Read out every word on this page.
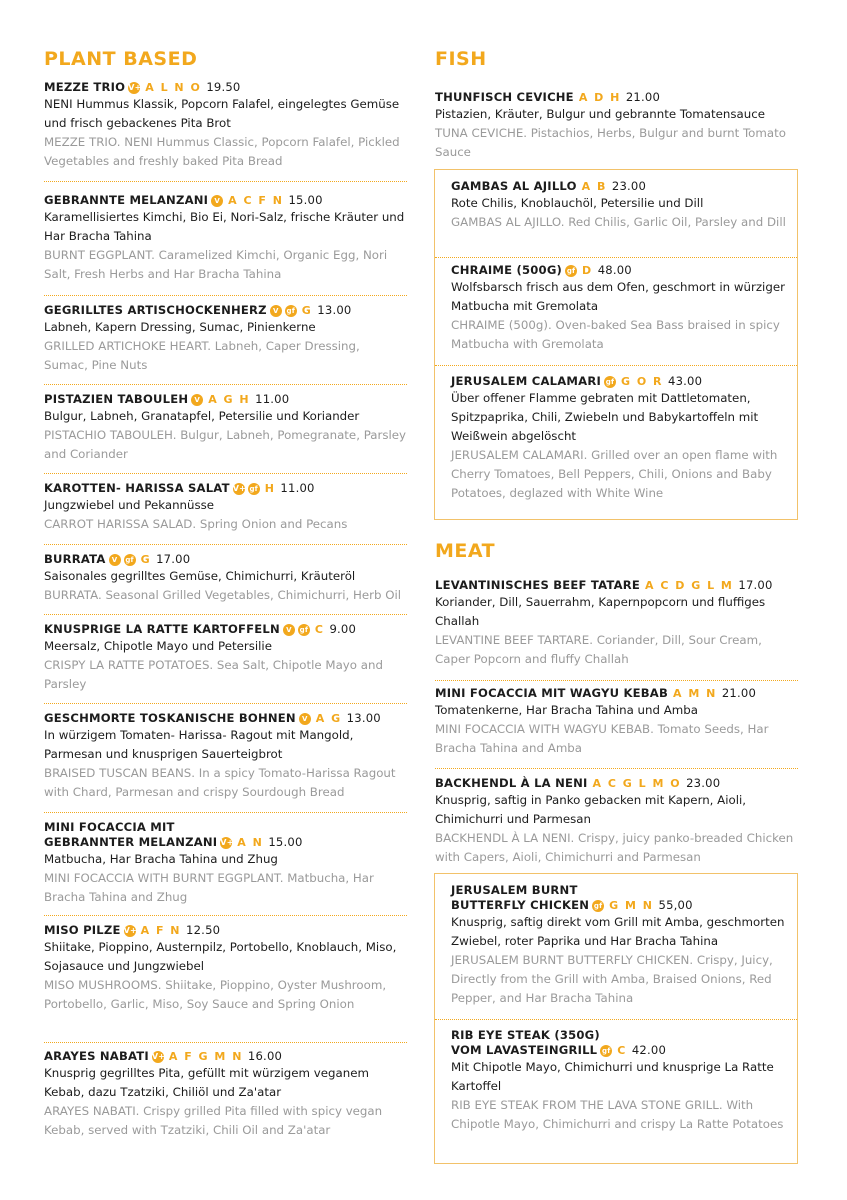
PLANT BASED
MEZZE TRIO V+ A L N O 19.50
NENI Hummus Klassik, Popcorn Falafel, eingelegtes Gemüse und frisch gebackenes Pita Brot
MEZZE TRIO. NENI Hummus Classic, Popcorn Falafel, Pickled Vegetables and freshly baked Pita Bread
GEBRANNTE MELANZANI V A C F N 15.00
Karamellisiertes Kimchi, Bio Ei, Nori-Salz, frische Kräuter und Har Bracha Tahina
BURNT EGGPLANT. Caramelized Kimchi, Organic Egg, Nori Salt, Fresh Herbs and Har Bracha Tahina
GEGRILLTES ARTISCHOCKENHERZ V gf G 13.00
Labneh, Kapern Dressing, Sumac, Pinienkerne
GRILLED ARTICHOKE HEART. Labneh, Caper Dressing, Sumac, Pine Nuts
PISTAZIEN TABOULEH V A G H 11.00
Bulgur, Labneh, Granatapfel, Petersilie und Koriander
PISTACHIO TABOULEH. Bulgur, Labneh, Pomegranate, Parsley and Coriander
KAROTTEN- HARISSA SALAT V+ gf H 11.00
Jungzwiebel und Pekannüsse
CARROT HARISSA SALAD. Spring Onion and Pecans
BURRATA V gf G 17.00
Saisonales gegrilltes Gemüse, Chimichurri, Kräuteröl
BURRATA. Seasonal Grilled Vegetables, Chimichurri, Herb Oil
KNUSPRIGE LA RATTE KARTOFFELN V gf C 9.00
Meersalz, Chipotle Mayo und Petersilie
CRISPY LA RATTE POTATOES. Sea Salt, Chipotle Mayo and Parsley
GESCHMORTE TOSKANISCHE BOHNEN V A G 13.00
In würzigem Tomaten- Harissa- Ragout mit Mangold, Parmesan und knusprigen Sauerteigbrot
BRAISED TUSCAN BEANS. In a spicy Tomato-Harissa Ragout with Chard, Parmesan and crispy Sourdough Bread
MINI FOCACCIA MIT
GEBRANNTER MELANZANI V+ A N 15.00
Matbucha, Har Bracha Tahina und Zhug
MINI FOCACCIA WITH BURNT EGGPLANT. Matbucha, Har Bracha Tahina and Zhug
MISO PILZE V+ A F N 12.50
Shiitake, Pioppino, Austernpilz, Portobello, Knoblauch, Miso, Sojasauce und Jungzwiebel
MISO MUSHROOMS. Shiitake, Pioppino, Oyster Mushroom, Portobello, Garlic, Miso, Soy Sauce and Spring Onion
ARAYES NABATI V+ A F G M N 16.00
Knusprig gegrilltes Pita, gefüllt mit würzigem veganem Kebab, dazu Tzatziki, Chiliöl und Za'atar
ARAYES NABATI. Crispy grilled Pita filled with spicy vegan Kebab, served with Tzatziki, Chili Oil and Za'atar
FISH
THUNFISCH CEVICHE A D H 21.00
Pistazien, Kräuter, Bulgur und gebrannte Tomatensauce
TUNA CEVICHE. Pistachios, Herbs, Bulgur and burnt Tomato Sauce
GAMBAS AL AJILLO A B 23.00
Rote Chilis, Knoblauchöl, Petersilie und Dill
GAMBAS AL AJILLO. Red Chilis, Garlic Oil, Parsley and Dill
CHRAIME (500G) gf D 48.00
Wolfsbarsch frisch aus dem Ofen, geschmort in würziger Matbucha mit Gremolata
CHRAIME (500g). Oven-baked Sea Bass braised in spicy Matbucha with Gremolata
JERUSALEM CALAMARI gf G O R 43.00
Über offener Flamme gebraten mit Dattletomaten, Spitzpaprika, Chili, Zwiebeln und Babykartoffeln mit Weißwein abgelöscht
JERUSALEM CALAMARI. Grilled over an open flame with Cherry Tomatoes, Bell Peppers, Chili, Onions and Baby Potatoes, deglazed with White Wine
MEAT
LEVANTINISCHES BEEF TATARE A C D G L M 17.00
Koriander, Dill, Sauerrahm, Kapernpopcorn und fluffiges Challah
LEVANTINE BEEF TARTARE. Coriander, Dill, Sour Cream, Caper Popcorn and fluffy Challah
MINI FOCACCIA MIT WAGYU KEBAB A M N 21.00
Tomatenkerne, Har Bracha Tahina und Amba
MINI FOCACCIA WITH WAGYU KEBAB. Tomato Seeds, Har Bracha Tahina and Amba
BACKHENDL À LA NENI A C G L M O 23.00
Knusprig, saftig in Panko gebacken mit Kapern, Aioli, Chimichurri und Parmesan
BACKHENDL À LA NENI. Crispy, juicy panko-breaded Chicken with Capers, Aioli, Chimichurri and Parmesan
JERUSALEM BURNT
BUTTERFLY CHICKEN gf G M N 55,00
Knusprig, saftig direkt vom Grill mit Amba, geschmorten Zwiebel, roter Paprika und Har Bracha Tahina
JERUSALEM BURNT BUTTERFLY CHICKEN. Crispy, Juicy, Directly from the Grill with Amba, Braised Onions, Red Pepper, and Har Bracha Tahina
RIB EYE STEAK (350G)
VOM LAVASTEINGRILL gf C 42.00
Mit Chipotle Mayo, Chimichurri und knusprige La Ratte Kartoffel
RIB EYE STEAK FROM THE LAVA STONE GRILL. With Chipotle Mayo, Chimichurri and crispy La Ratte Potatoes
